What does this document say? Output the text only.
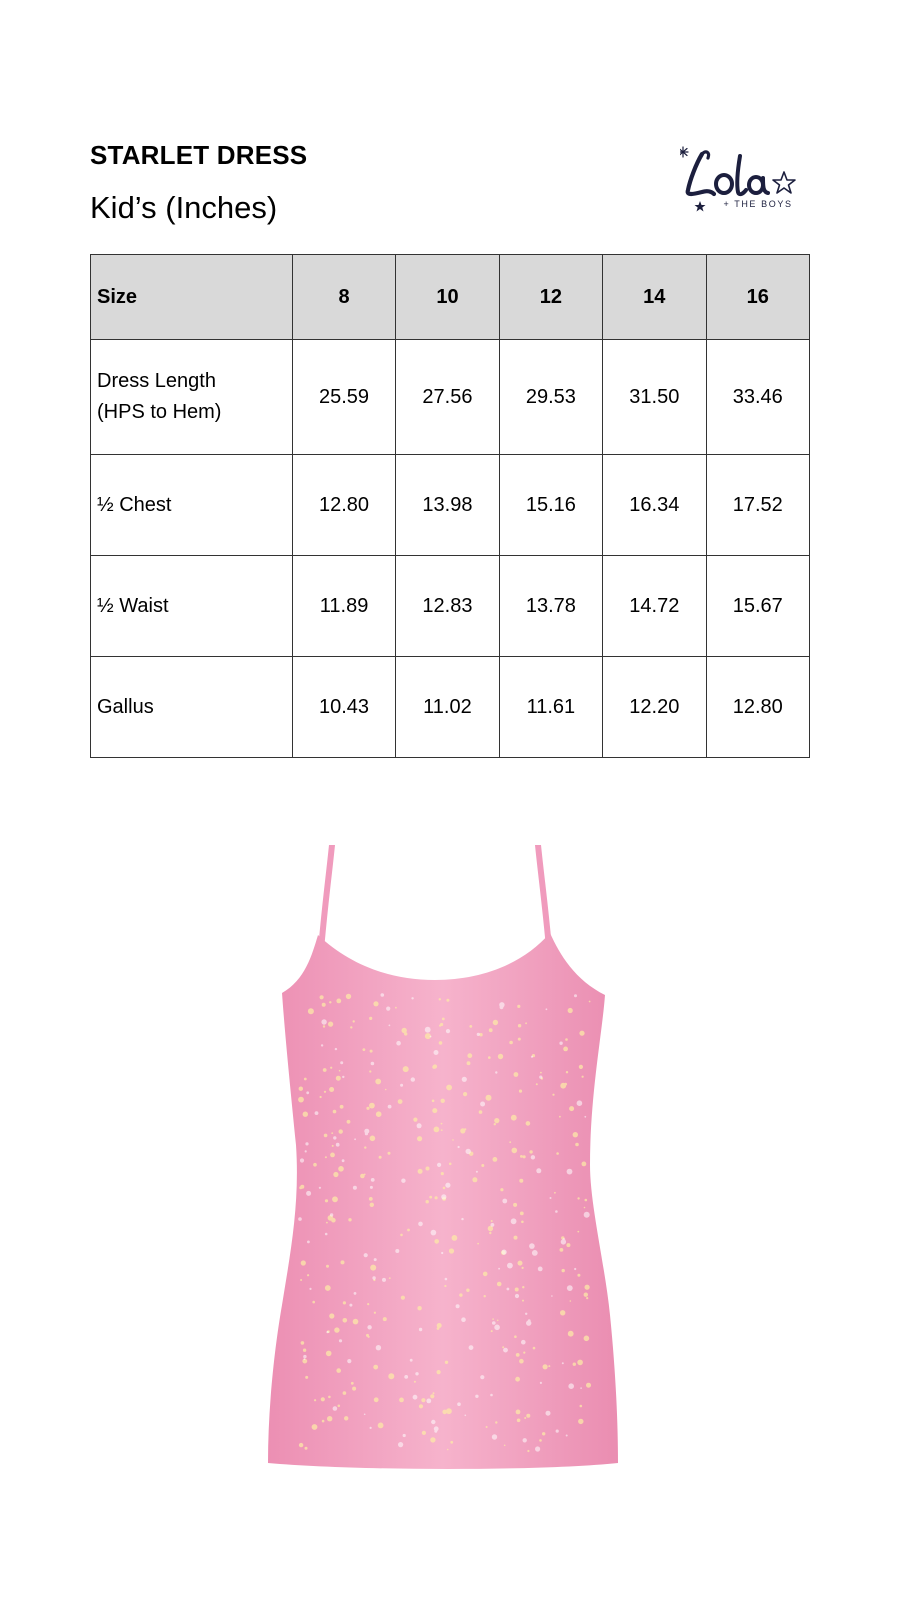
STARLET DRESS
Kid’s (Inches)	+ THE BOYS
Size	8	10	12	14	16
Dress Length
(HPS to Hem)	25.59	27.56	29.53	31.50	33.46
½ Chest	12.80	13.98	15.16	16.34	17.52
½ Waist	11.89	12.83	13.78	14.72	15.67
Gallus	10.43	11.02	11.61	12.20	12.80
